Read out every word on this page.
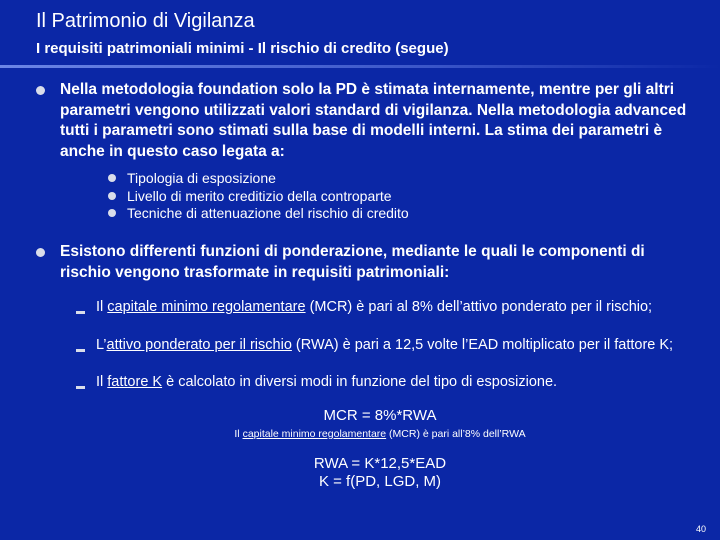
Il Patrimonio di Vigilanza
I requisiti patrimoniali minimi - Il rischio di credito (segue)
Nella metodologia foundation solo la PD è stimata internamente, mentre per gli altri parametri vengono utilizzati valori standard di vigilanza. Nella metodologia advanced tutti i parametri sono stimati sulla base di modelli interni. La stima dei parametri è anche in questo caso legata a:
Tipologia di esposizione
Livello di merito creditizio della controparte
Tecniche di attenuazione del rischio di credito
Esistono differenti funzioni di ponderazione, mediante le quali le componenti di rischio vengono trasformate in requisiti patrimoniali:
Il capitale minimo regolamentare (MCR) è pari al 8% dell’attivo ponderato per il rischio;
L’attivo ponderato per il rischio (RWA) è pari a 12,5 volte l’EAD moltiplicato per il fattore K;
Il fattore K è calcolato in diversi modi in funzione del tipo di esposizione.
MCR = 8%*RWA
Il capitale minimo regolamentare (MCR) è pari all’8% dell’RWA
RWA = K*12,5*EAD
K = f(PD, LGD, M)
40
